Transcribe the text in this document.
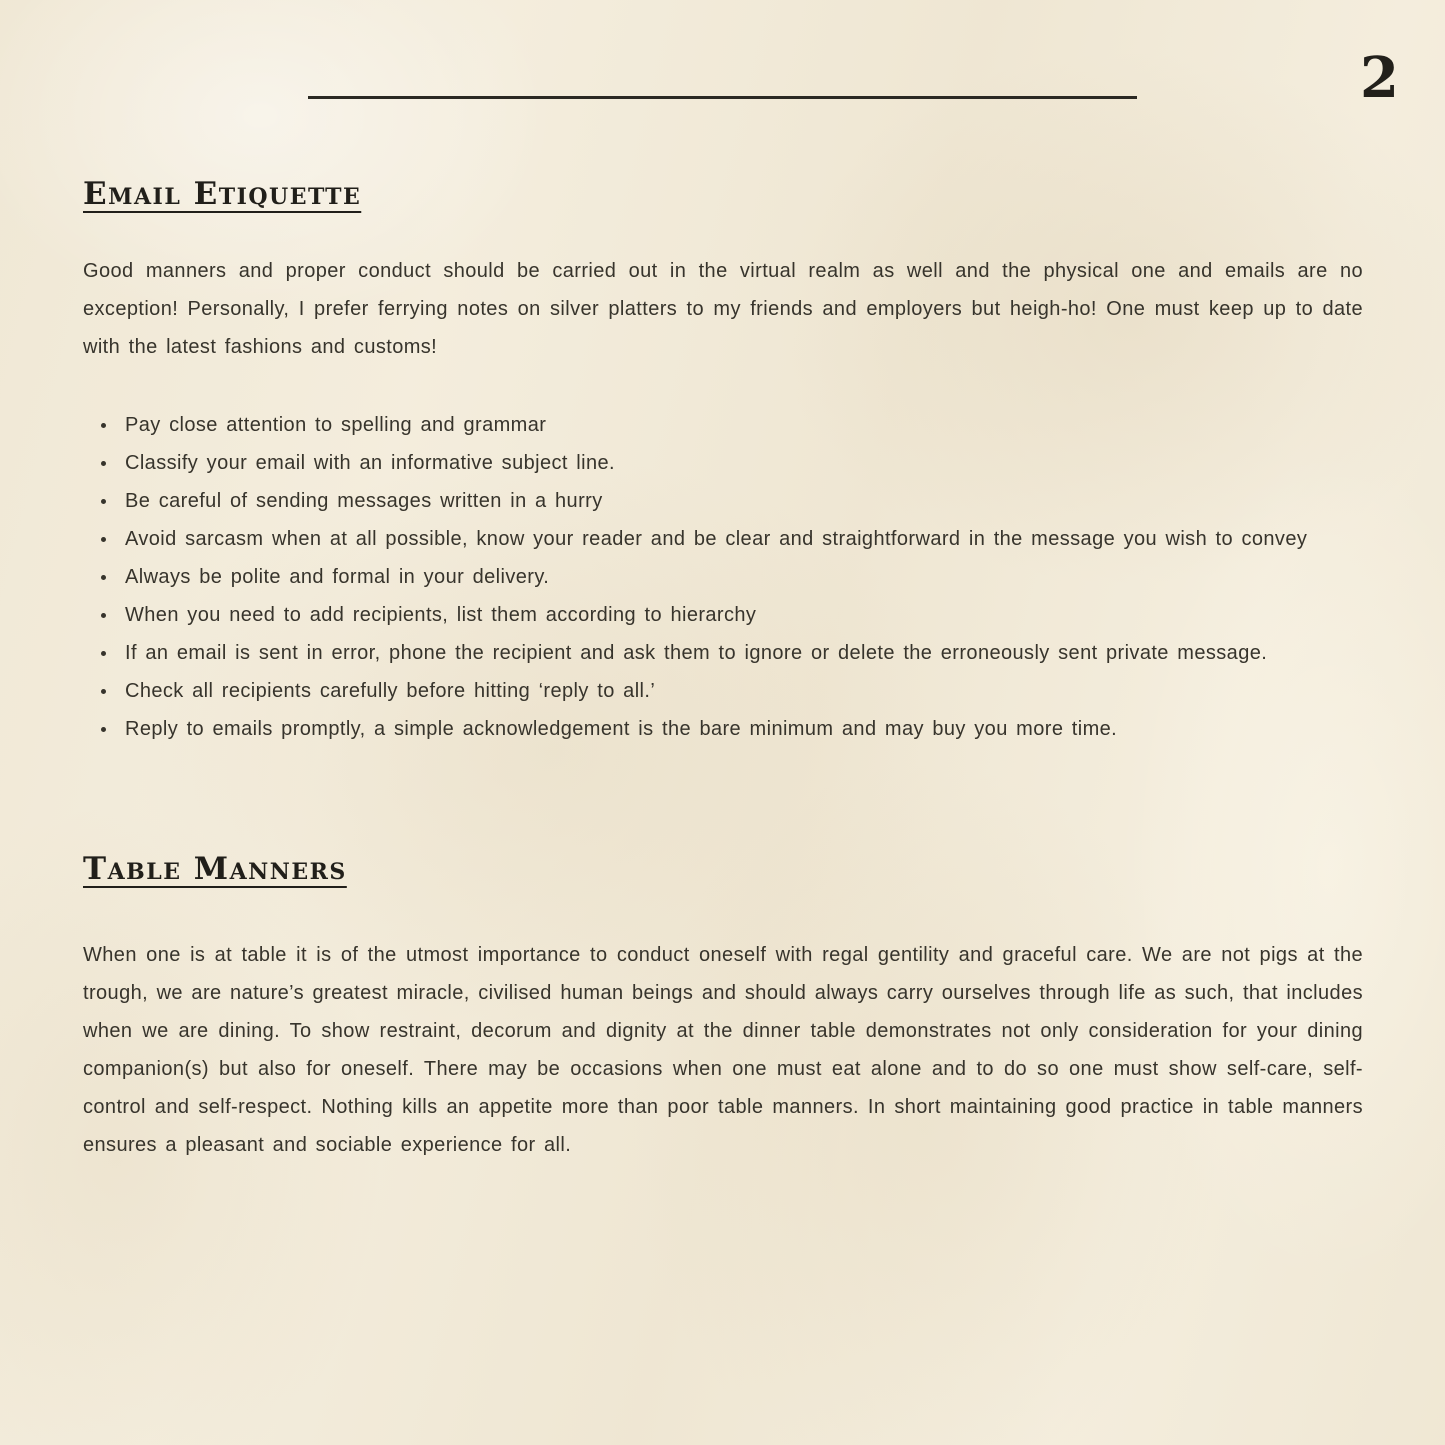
2
Email Etiquette

Good manners and proper conduct should be carried out in the virtual realm as well and the physical one and emails are no exception! Personally, I prefer ferrying notes on silver platters to my friends and employers but heigh-ho! One must keep up to date with the latest fashions and customs!

Pay close attention to spelling and grammar
Classify your email with an informative subject line.
Be careful of sending messages written in a hurry
Avoid sarcasm when at all possible, know your reader and be clear and straightforward in the message you wish to convey
Always be polite and formal in your delivery.
When you need to add recipients, list them according to hierarchy
If an email is sent in error, phone the recipient and ask them to ignore or delete the erroneously sent private message.
Check all recipients carefully before hitting ‘reply to all.’
Reply to emails promptly, a simple acknowledgement is the bare minimum and may buy you more time.
Table Manners

When one is at table it is of the utmost importance to conduct oneself with regal gentility and graceful care. We are not pigs at the trough, we are nature’s greatest miracle, civilised human beings and should always carry ourselves through life as such, that includes when we are dining. To show restraint, decorum and dignity at the dinner table demonstrates not only consideration for your dining companion(s) but also for oneself. There may be occasions when one must eat alone and to do so one must show self-care, self-control and self-respect. Nothing kills an appetite more than poor table manners. In short maintaining good practice in table manners ensures a pleasant and sociable experience for all.
